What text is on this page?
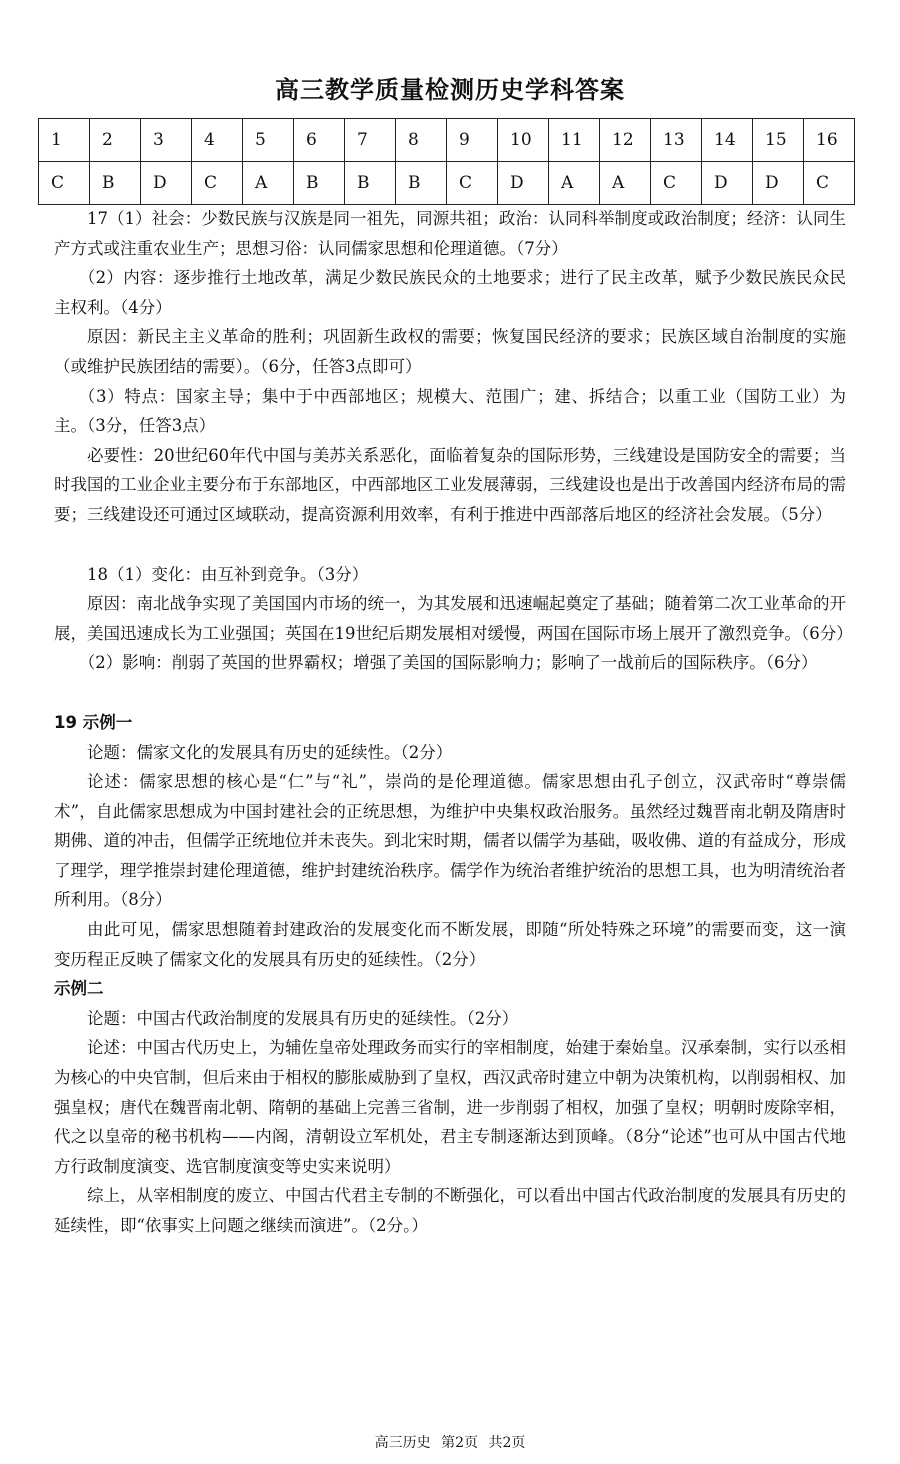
高三教学质量检测历史学科答案
1	2	3	4	5	6	7	8	9	10	11	12	13	14	15	16
C	B	D	C	A	B	B	B	C	D	A	A	C	D	D	C

17（1）社会：少数民族与汉族是同一祖先，同源共祖；政治：认同科举制度或政治制度；经济：认同生产方式或注重农业生产；思想习俗：认同儒家思想和伦理道德。（7分）

（2）内容：逐步推行土地改革，满足少数民族民众的土地要求；进行了民主改革，赋予少数民族民众民主权利。（4分）

原因：新民主主义革命的胜利；巩固新生政权的需要；恢复国民经济的要求；民族区域自治制度的实施（或维护民族团结的需要）。（6分，任答3点即可）

（3）特点：国家主导；集中于中西部地区；规模大、范围广；建、拆结合；以重工业（国防工业）为主。（3分，任答3点）

必要性：20世纪60年代中国与美苏关系恶化，面临着复杂的国际形势，三线建设是国防安全的需要；当时我国的工业企业主要分布于东部地区，中西部地区工业发展薄弱，三线建设也是出于改善国内经济布局的需要；三线建设还可通过区域联动，提高资源利用效率，有利于推进中西部落后地区的经济社会发展。（5分）

18（1）变化：由互补到竞争。（3分）

原因：南北战争实现了美国国内市场的统一，为其发展和迅速崛起奠定了基础；随着第二次工业革命的开展，美国迅速成长为工业强国；英国在19世纪后期发展相对缓慢，两国在国际市场上展开了激烈竞争。（6分）

（2）影响：削弱了英国的世界霸权；增强了美国的国际影响力；影响了一战前后的国际秩序。（6分）

19 示例一

论题：儒家文化的发展具有历史的延续性。（2分）

论述：儒家思想的核心是“仁”与“礼”，崇尚的是伦理道德。儒家思想由孔子创立，汉武帝时“尊崇儒术”，自此儒家思想成为中国封建社会的正统思想，为维护中央集权政治服务。虽然经过魏晋南北朝及隋唐时期佛、道的冲击，但儒学正统地位并未丧失。到北宋时期，儒者以儒学为基础，吸收佛、道的有益成分，形成了理学，理学推崇封建伦理道德，维护封建统治秩序。儒学作为统治者维护统治的思想工具，也为明清统治者所利用。（8分）

由此可见，儒家思想随着封建政治的发展变化而不断发展，即随“所处特殊之环境”的需要而变，这一演变历程正反映了儒家文化的发展具有历史的延续性。（2分）

示例二

论题：中国古代政治制度的发展具有历史的延续性。（2分）

论述：中国古代历史上，为辅佐皇帝处理政务而实行的宰相制度，始建于秦始皇。汉承秦制，实行以丞相为核心的中央官制，但后来由于相权的膨胀威胁到了皇权，西汉武帝时建立中朝为决策机构，以削弱相权、加强皇权；唐代在魏晋南北朝、隋朝的基础上完善三省制，进一步削弱了相权，加强了皇权；明朝时废除宰相，代之以皇帝的秘书机构——内阁，清朝设立军机处，君主专制逐渐达到顶峰。（8分“论述”也可从中国古代地方行政制度演变、选官制度演变等史实来说明）

综上，从宰相制度的废立、中国古代君主专制的不断强化，可以看出中国古代政治制度的发展具有历史的延续性，即“依事实上问题之继续而演进”。（2分。）

高三历史 第2页 共2页
